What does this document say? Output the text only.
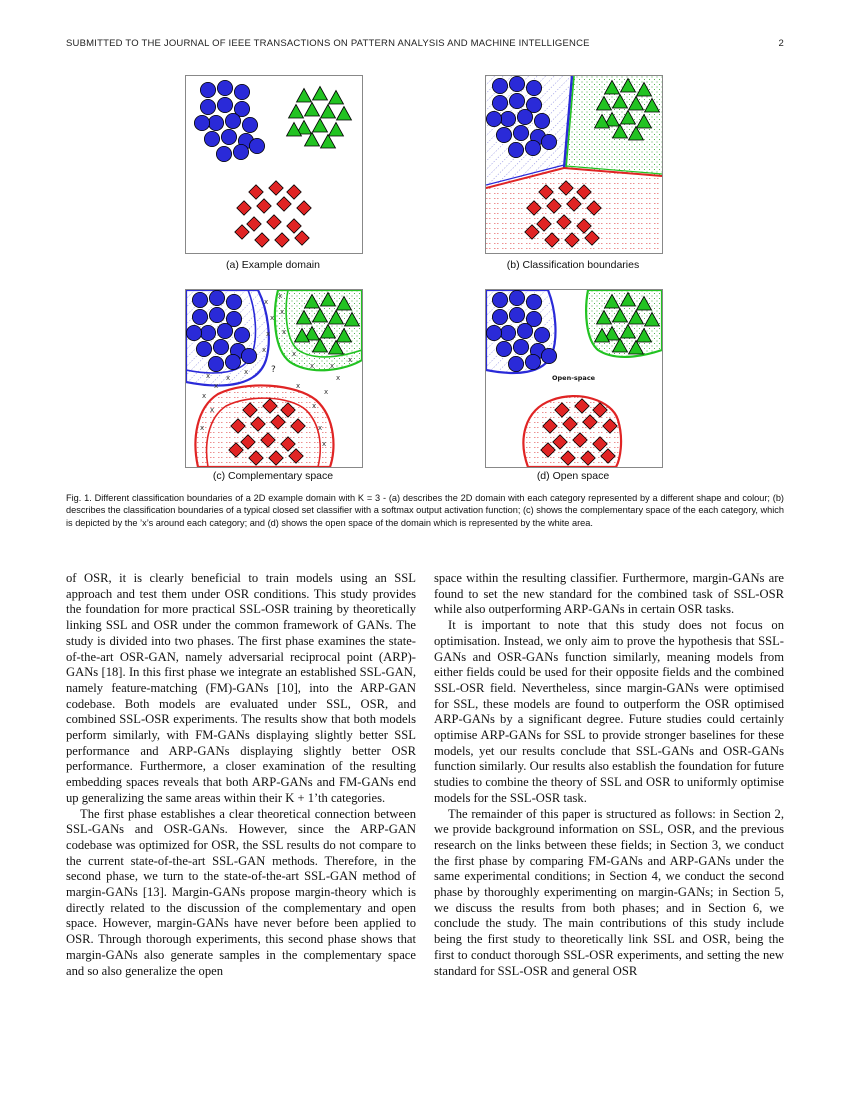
SUBMITTED TO THE JOURNAL OF IEEE TRANSACTIONS ON PATTERN ANALYSIS AND MACHINE INTELLIGENCE	2
(a) Example domain	(b) Classification boundaries
x
x
x
x
x
x
x
x
x
x
x
x x
x
x
x
x
x
x
x	x
x
x	x
?
(c) Complementary space
Open-space
(d) Open space
Fig. 1. Different classification boundaries of a 2D example domain with K = 3 - (a) describes the 2D domain with each category represented by a different shape and colour; (b) describes the classification boundaries of a typical closed set classifier with a softmax output activation function; (c) shows the complementary space of the each category, which is depicted by the ’x’s around each category; and (d) shows the open space of the domain which is represented by the white area.

of OSR, it is clearly beneficial to train models using an SSL approach and test them under OSR conditions. This study provides the foundation for more practical SSL-OSR training by theoretically linking SSL and OSR under the common framework of GANs. The study is divided into two phases. The first phase examines the state-of-the-art OSR-GAN, namely adversarial reciprocal point (ARP)-GANs [18]. In this first phase we integrate an established SSL-GAN, namely feature-matching (FM)-GANs [10], into the ARP-GAN codebase. Both models are evaluated under SSL, OSR, and combined SSL-OSR experiments. The results show that both models perform similarly, with FM-GANs displaying slightly better SSL performance and ARP-GANs displaying slightly better OSR performance. Furthermore, a closer examination of the resulting embedding spaces reveals that both ARP-GANs and FM-GANs end up generalizing the same areas within their K + 1’th categories.

The first phase establishes a clear theoretical connection between SSL-GANs and OSR-GANs. However, since the ARP-GAN codebase was optimized for OSR, the SSL results do not compare to the current state-of-the-art SSL-GAN methods. Therefore, in the second phase, we turn to the state-of-the-art SSL-GAN method of margin-GANs [13]. Margin-GANs propose margin-theory which is directly related to the discussion of the complementary and open space. However, margin-GANs have never before been applied to OSR. Through thorough experiments, this second phase shows that margin-GANs also generate samples in the complementary space and so also generalize the open

space within the resulting classifier. Furthermore, margin-GANs are found to set the new standard for the combined task of SSL-OSR while also outperforming ARP-GANs in certain OSR tasks.

It is important to note that this study does not focus on optimisation. Instead, we only aim to prove the hypothesis that SSL-GANs and OSR-GANs function similarly, meaning models from either fields could be used for their opposite fields and the combined SSL-OSR field. Nevertheless, since margin-GANs were optimised for SSL, these models are found to outperform the OSR optimised ARP-GANs by a significant degree. Future studies could certainly optimise ARP-GANs for SSL to provide stronger baselines for these models, yet our results conclude that SSL-GANs and OSR-GANs function similarly. Our results also establish the foundation for future studies to combine the theory of SSL and OSR to uniformly optimise models for the SSL-OSR task.

The remainder of this paper is structured as follows: in Section 2, we provide background information on SSL, OSR, and the previous research on the links between these fields; in Section 3, we conduct the first phase by comparing FM-GANs and ARP-GANs under the same experimental conditions; in Section 4, we conduct the second phase by thoroughly experimenting on margin-GANs; in Section 5, we discuss the results from both phases; and in Section 6, we conclude the study. The main contributions of this study include being the first study to theoretically link SSL and OSR, being the first to conduct thorough SSL-OSR experiments, and setting the new standard for SSL-OSR and general OSR
